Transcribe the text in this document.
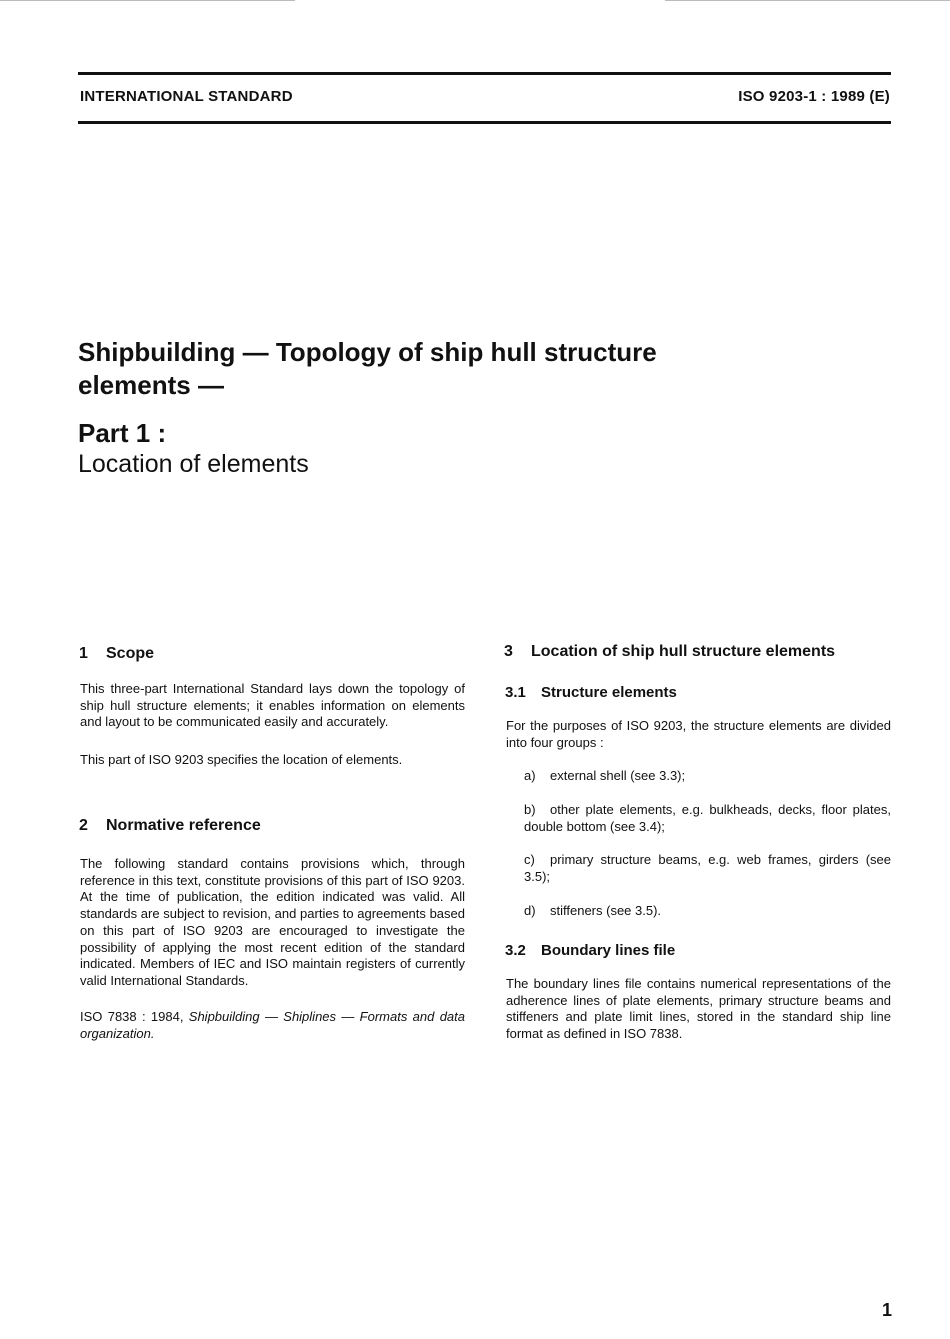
INTERNATIONAL STANDARD	ISO 9203-1 : 1989 (E)
Shipbuilding — Topology of ship hull structure
elements —
Part 1 :
Location of elements
1 Scope
This three-part International Standard lays down the topology of ship hull structure elements; it enables information on elements and layout to be communicated easily and accurately.
This part of ISO 9203 specifies the location of elements.
2 Normative reference
The following standard contains provisions which, through reference in this text, constitute provisions of this part of ISO 9203. At the time of publication, the edition indicated was valid. All standards are subject to revision, and parties to agreements based on this part of ISO 9203 are encouraged to investigate the possibility of applying the most recent edition of the standard indicated. Members of IEC and ISO maintain registers of currently valid International Standards.
ISO 7838 : 1984, Shipbuilding — Shiplines — Formats and data organization.
3 Location of ship hull structure elements
3.1 Structure elements
For the purposes of ISO 9203, the structure elements are divided into four groups :
a) external shell (see 3.3);
b) other plate elements, e.g. bulkheads, decks, floor plates, double bottom (see 3.4);
c) primary structure beams, e.g. web frames, girders (see 3.5);
d) stiffeners (see 3.5).
3.2 Boundary lines file
The boundary lines file contains numerical representations of the adherence lines of plate elements, primary structure beams and stiffeners and plate limit lines, stored in the standard ship line format as defined in ISO 7838.
1
